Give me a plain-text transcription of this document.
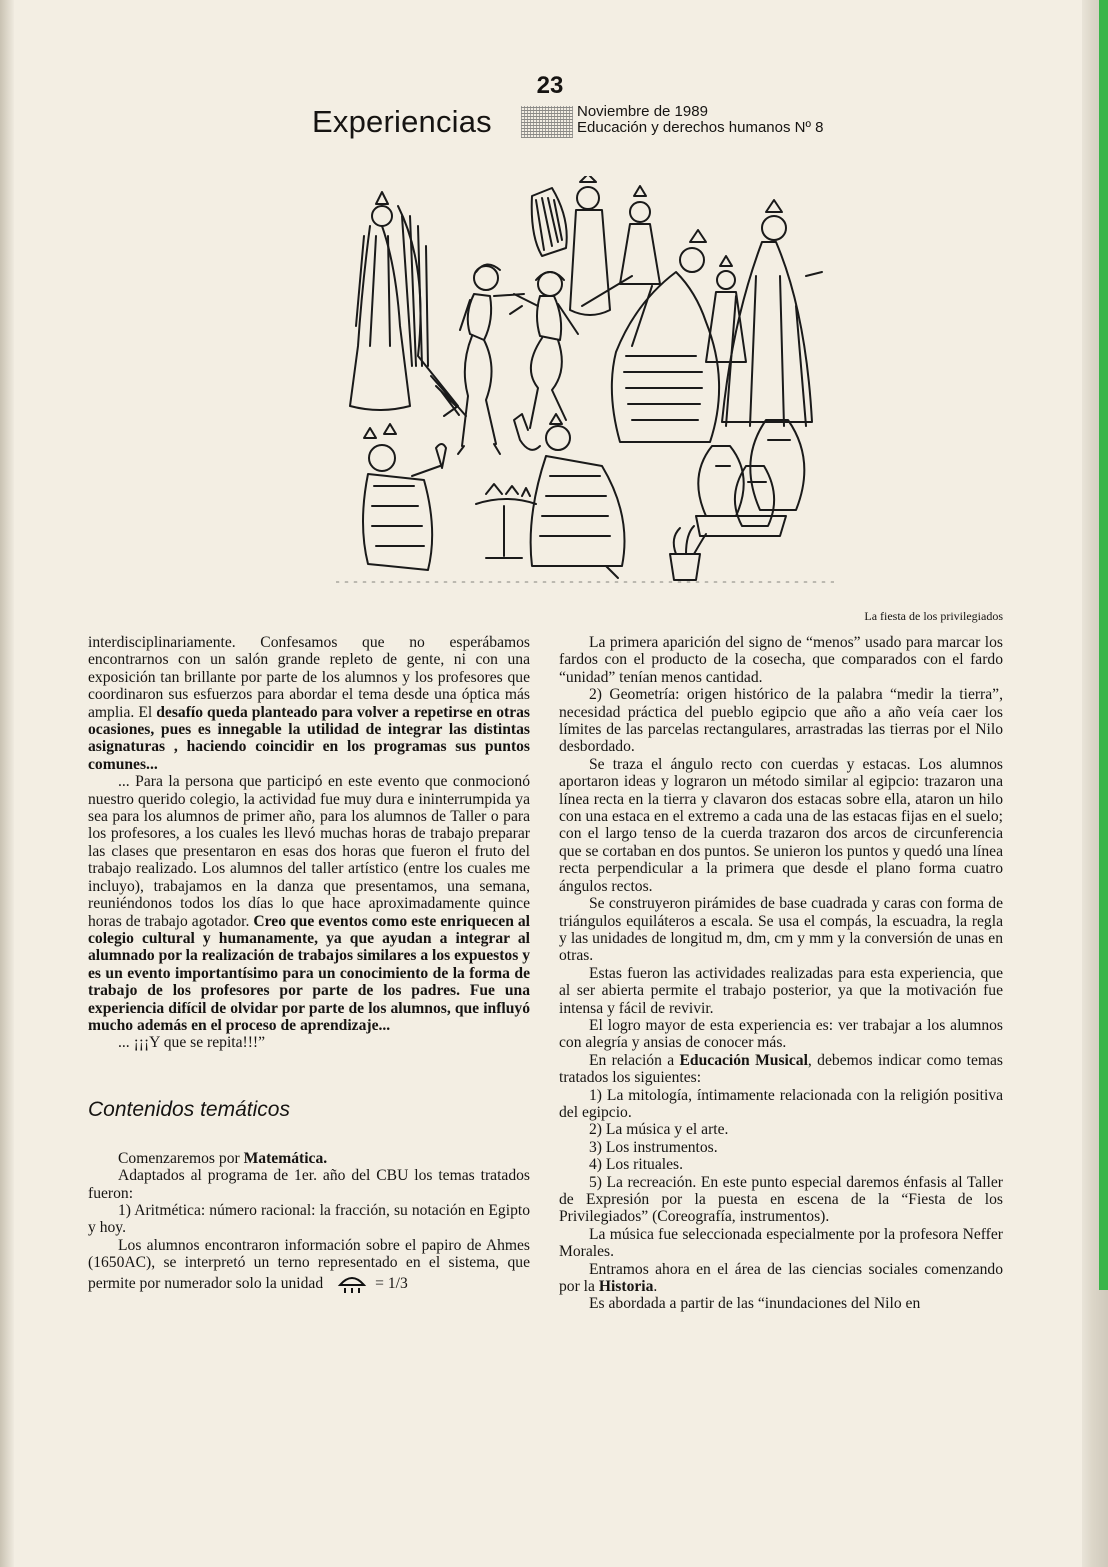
23
Experiencias	Noviembre de 1989
Educación y derechos humanos Nº 8
La fiesta de los privilegiados

interdisciplinariamente. Confesamos que no esperábamos encontrarnos con un salón grande repleto de gente, ni con una exposición tan brillante por parte de los alumnos y los profesores que coordinaron sus esfuerzos para abordar el tema desde una óptica más amplia. El desafío queda planteado para volver a repetirse en otras ocasiones, pues es innegable la utilidad de integrar las distintas asignaturas , haciendo coincidir en los programas sus puntos comunes...

... Para la persona que participó en este evento que conmocionó nuestro querido colegio, la actividad fue muy dura e ininterrumpida ya sea para los alumnos de primer año, para los alumnos de Taller o para los profesores, a los cuales les llevó muchas horas de trabajo preparar las clases que presentaron en esas dos horas que fueron el fruto del trabajo realizado. Los alumnos del taller artístico (entre los cuales me incluyo), trabajamos en la danza que presentamos, una semana, reuniéndonos todos los días lo que hace aproximadamente quince horas de trabajo agotador. Creo que eventos como este enriquecen al colegio cultural y humanamente, ya que ayudan a integrar al alumnado por la realización de trabajos similares a los expuestos y es un evento importantísimo para un conocimiento de la forma de trabajo de los profesores por parte de los padres. Fue una experiencia difícil de olvidar por parte de los alumnos, que influyó mucho además en el proceso de aprendizaje...

... ¡¡¡Y que se repita!!!”

Contenidos temáticos

Comenzaremos por Matemática.

Adaptados al programa de 1er. año del CBU los temas tratados fueron:

1) Aritmética: número racional: la fracción, su notación en Egipto y hoy.

Los alumnos encontraron información sobre el papiro de Ahmes (1650AC), se interpretó un terno representado en el sistema, que permite por numerador solo la unidad	= 1/3

La primera aparición del signo de “menos” usado para marcar los fardos con el producto de la cosecha, que comparados con el fardo “unidad” tenían menos cantidad.

2) Geometría: origen histórico de la palabra “medir la tierra”, necesidad práctica del pueblo egipcio que año a año veía caer los límites de las parcelas rectangulares, arrastradas las tierras por el Nilo desbordado.

Se traza el ángulo recto con cuerdas y estacas. Los alumnos aportaron ideas y lograron un método similar al egipcio: trazaron una línea recta en la tierra y clavaron dos estacas sobre ella, ataron un hilo con una estaca en el extremo a cada una de las estacas fijas en el suelo; con el largo tenso de la cuerda trazaron dos arcos de circunferencia que se cortaban en dos puntos. Se unieron los puntos y quedó una línea recta perpendicular a la primera que desde el plano forma cuatro ángulos rectos.

Se construyeron pirámides de base cuadrada y caras con forma de triángulos equiláteros a escala. Se usa el compás, la escuadra, la regla y las unidades de longitud m, dm, cm y mm y la conversión de unas en otras.

Estas fueron las actividades realizadas para esta experiencia, que al ser abierta permite el trabajo posterior, ya que la motivación fue intensa y fácil de revivir.

El logro mayor de esta experiencia es: ver trabajar a los alumnos con alegría y ansias de conocer más.

En relación a Educación Musical, debemos indicar como temas tratados los siguientes:

1) La mitología, íntimamente relacionada con la religión positiva del egipcio.

2) La música y el arte.

3) Los instrumentos.

4) Los rituales.

5) La recreación. En este punto especial daremos énfasis al Taller de Expresión por la puesta en escena de la “Fiesta de los Privilegiados” (Coreografía, instrumentos).

La música fue seleccionada especialmente por la profesora Neffer Morales.

Entramos ahora en el área de las ciencias sociales comenzando por la Historia.

Es abordada a partir de las “inundaciones del Nilo en
